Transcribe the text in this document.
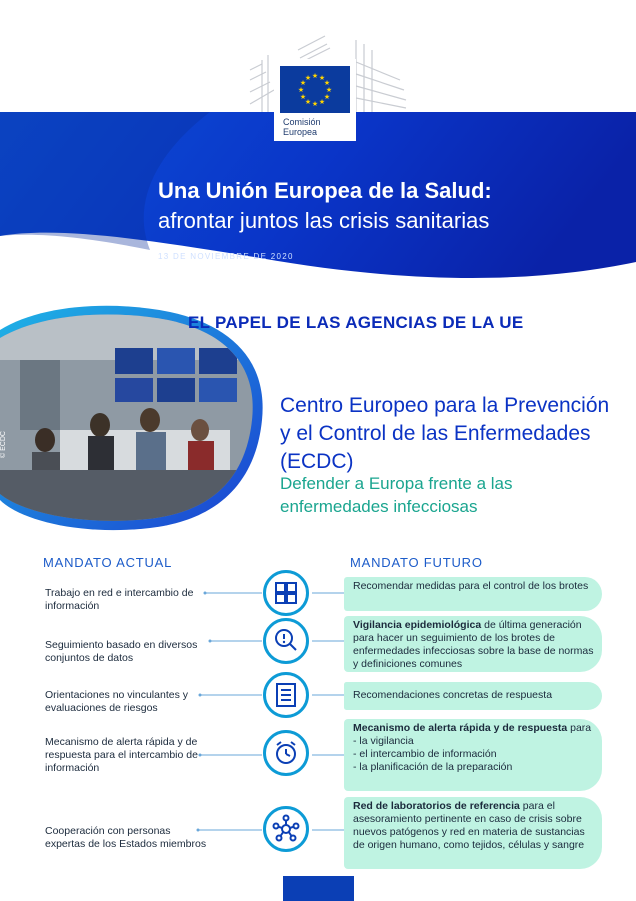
★ ★
★
★
★
★
★
★
★
★
★
★
Comisión
Europea
Una Unión Europea de la Salud:
afrontar juntos las crisis sanitarias
13 DE NOVIEMBRE DE 2020
EL PAPEL DE LAS AGENCIAS DE LA UE
© ECDC
Centro Europeo para la Prevención y el Control de las Enfermedades (ECDC)
Defender a Europa frente a las enfermedades infecciosas
MANDATO ACTUAL	MANDATO FUTURO
Trabajo en red e intercambio de información
Recomendar medidas para el control de los brotes
Seguimiento basado en diversos conjuntos de datos
Vigilancia epidemiológica de última generación para hacer un seguimiento de los brotes de enfermedades infecciosas sobre la base de normas y definiciones comunes
Orientaciones no vinculantes y evaluaciones de riesgos
Recomendaciones concretas de respuesta
Mecanismo de alerta rápida y de respuesta para el intercambio de información
Mecanismo de alerta rápida y de respuesta para
- la vigilancia
- el intercambio de información
- la planificación de la preparación
Cooperación con personas expertas de los Estados miembros
Red de laboratorios de referencia para el asesoramiento pertinente en caso de crisis sobre nuevos patógenos y red en materia de sustancias de origen humano, como tejidos, células y sangre
